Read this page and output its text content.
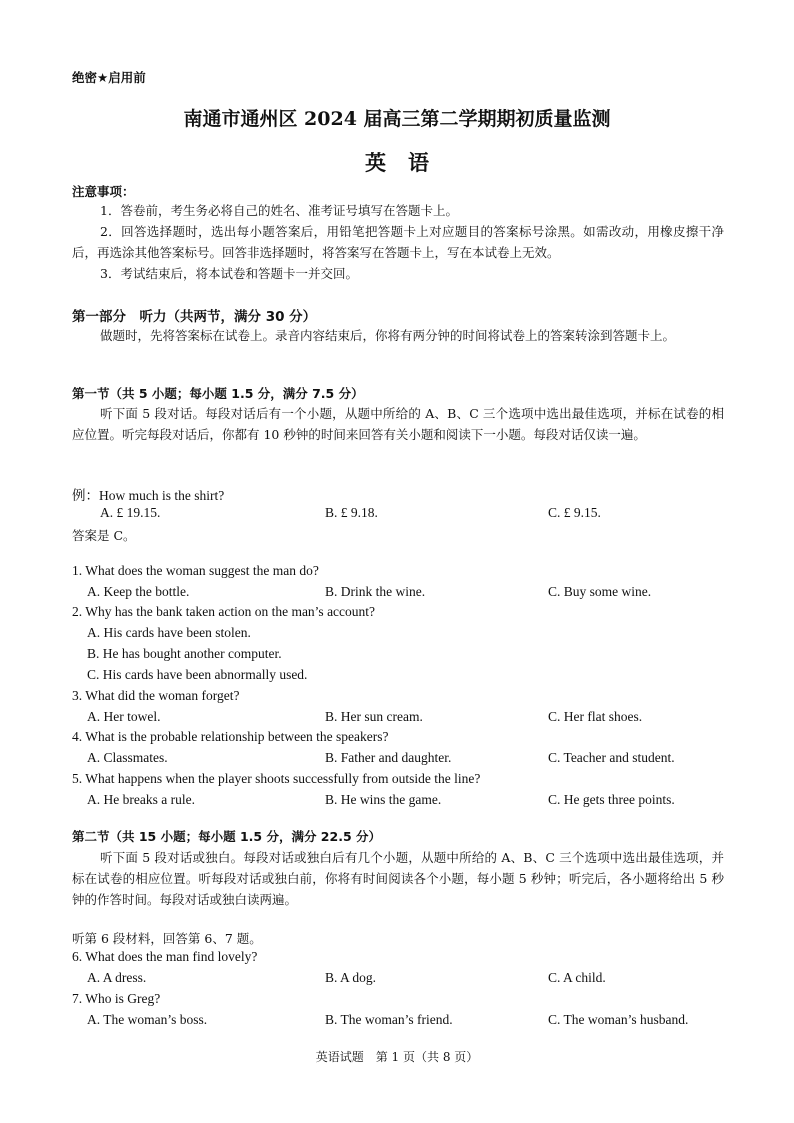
绝密★启用前
南通市通州区 2024 届高三第二学期期初质量监测
英语
注意事项：
1．答卷前，考生务必将自己的姓名、准考证号填写在答题卡上。
2．回答选择题时，选出每小题答案后，用铅笔把答题卡上对应题目的答案标号涂黑。如需改动，用橡皮擦干净后，再选涂其他答案标号。回答非选择题时，将答案写在答题卡上，写在本试卷上无效。
3．考试结束后，将本试卷和答题卡一并交回。
第一部分　听力（共两节，满分 30 分）
做题时，先将答案标在试卷上。录音内容结束后，你将有两分钟的时间将试卷上的答案转涂到答题卡上。
第一节（共 5 小题；每小题 1.5 分，满分 7.5 分）
听下面 5 段对话。每段对话后有一个小题，从题中所给的 A、B、C 三个选项中选出最佳选项，并标在试卷的相应位置。听完每段对话后，你都有 10 秒钟的时间来回答有关小题和阅读下一小题。每段对话仅读一遍。
例：How much is the shirt?
A. £ 19.15.	B. £ 9.18.	C. £ 9.15.
答案是 C。
1. What does the woman suggest the man do?
A. Keep the bottle.	B. Drink the wine.	C. Buy some wine.
2. Why has the bank taken action on the man’s account?
A. His cards have been stolen.
B. He has bought another computer.
C. His cards have been abnormally used.
3. What did the woman forget?
A. Her towel.	B. Her sun cream.	C. Her flat shoes.
4. What is the probable relationship between the speakers?
A. Classmates.	B. Father and daughter.	C. Teacher and student.
5. What happens when the player shoots successfully from outside the line?
A. He breaks a rule.	B. He wins the game.	C. He gets three points.
第二节（共 15 小题；每小题 1.5 分，满分 22.5 分）
听下面 5 段对话或独白。每段对话或独白后有几个小题，从题中所给的 A、B、C 三个选项中选出最佳选项，并标在试卷的相应位置。听每段对话或独白前，你将有时间阅读各个小题，每小题 5 秒钟；听完后，各小题将给出 5 秒钟的作答时间。每段对话或独白读两遍。
听第 6 段材料，回答第 6、7 题。
6. What does the man find lovely?
A. A dress.	B. A dog.	C. A child.
7. Who is Greg?
A. The woman’s boss.	B. The woman’s friend.	C. The woman’s husband.
英语试题　第 1 页（共 8 页）
